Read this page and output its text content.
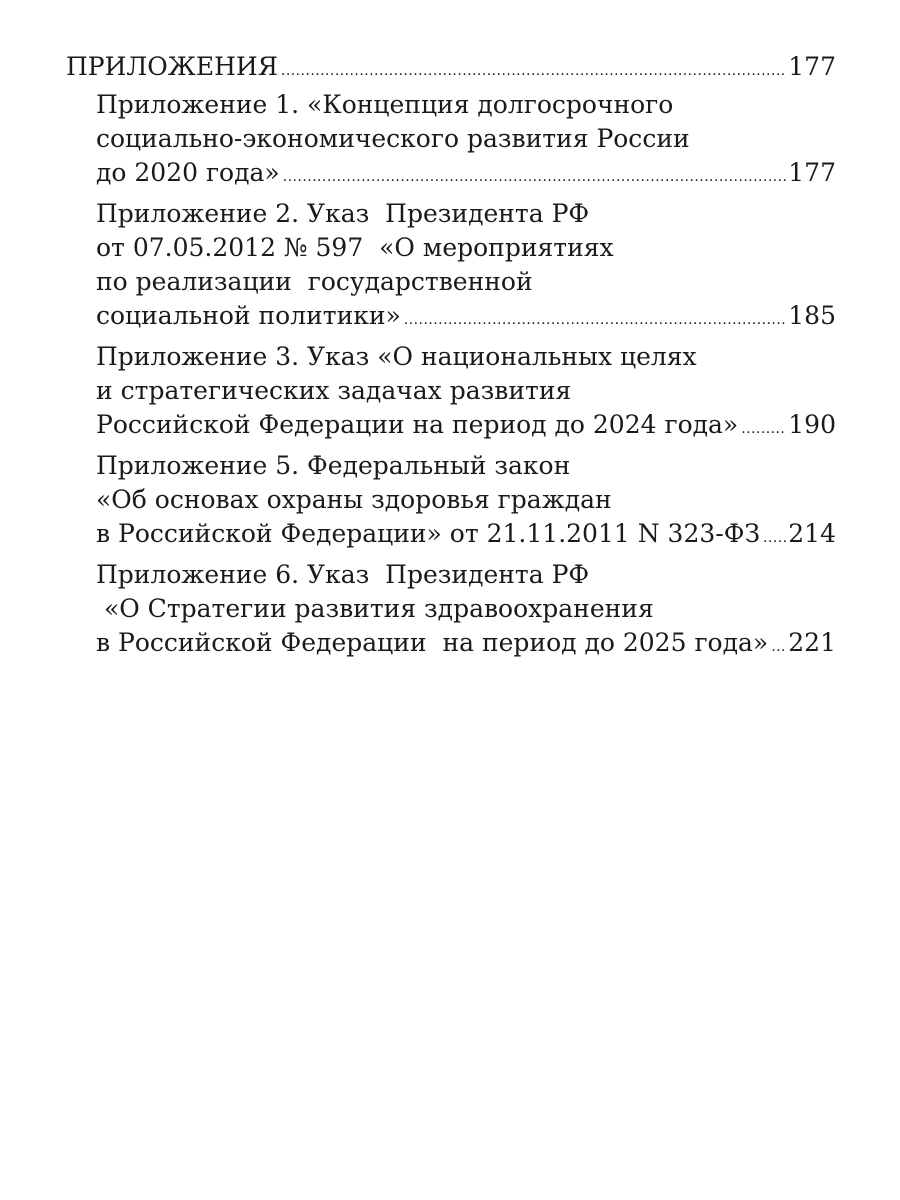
ПРИЛОЖЕНИЯ . . .	177
Приложение 1. «Концепция долгосрочного
социально-экономического развития России
до 2020 года» . . .	177
Приложение 2. Указ  Президента РФ
от 07.05.2012 № 597  «О мероприятиях
по реализации  государственной
социальной политики» . . .	185
Приложение 3. Указ «О национальных целях
и стратегических задачах развития
Российской Федерации на период до 2024 года» . . . 190
Приложение 5. Федеральный закон
«Об основах охраны здоровья граждан
в Российской Федерации» от 21.11.2011 N 323-ФЗ . . . 214
Приложение 6. Указ  Президента РФ
«О Стратегии развития здравоохранения
в Российской Федерации  на период до 2025 года» . . . 221
